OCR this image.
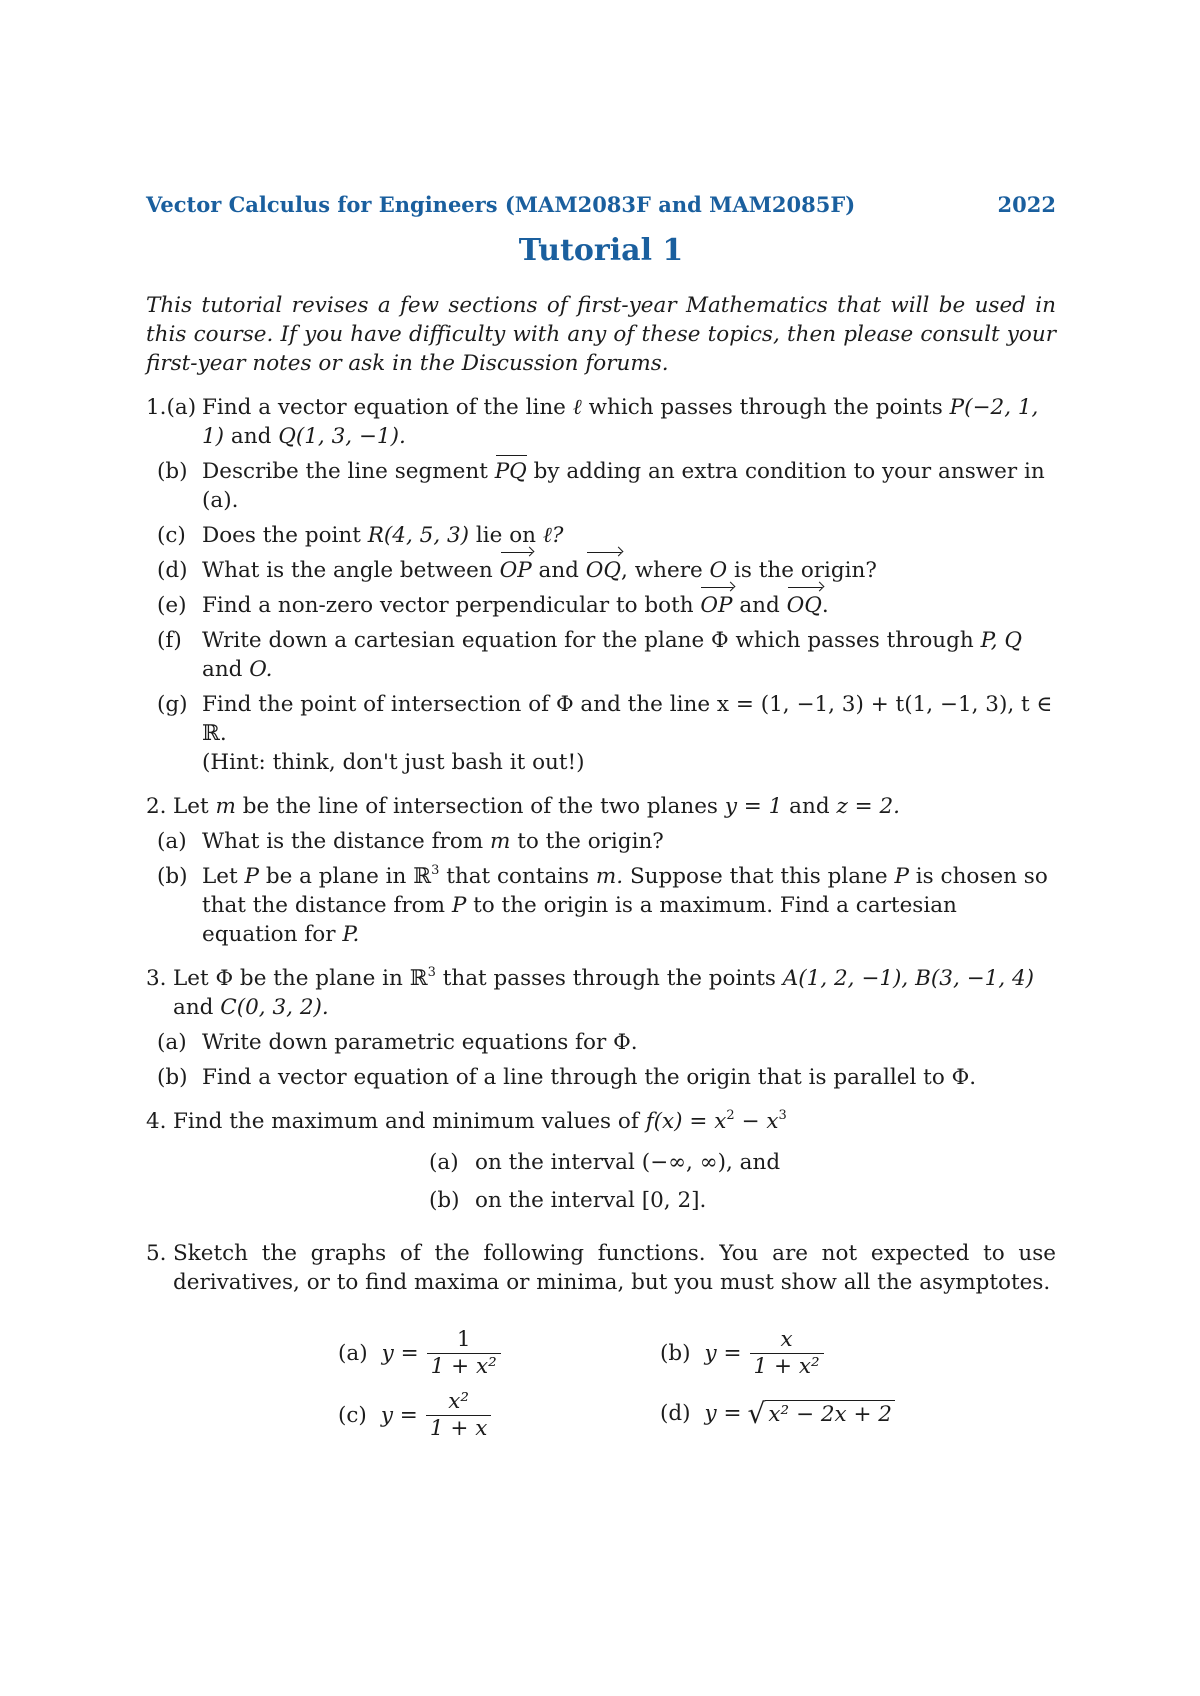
Vector Calculus for Engineers (MAM2083F and MAM2085F)	2022
Tutorial 1
This tutorial revises a few sections of first-year Mathematics that will be used in this course. If you have difficulty with any of these topics, then please consult your first-year notes or ask in the Discussion forums.
1.(a) Find a vector equation of the line ℓ which passes through the points P(−2, 1, 1) and Q(1, 3, −1).
(b) Describe the line segment PQ by adding an extra condition to your answer in (a).
(c) Does the point R(4, 5, 3) lie on ℓ?
(d) What is the angle between OP and OQ, where O is the origin?
(e) Find a non-zero vector perpendicular to both OP and OQ.
(f) Write down a cartesian equation for the plane Φ which passes through P, Q and O.
(g) Find the point of intersection of Φ and the line x = (1, −1, 3) + t(1, −1, 3), t ∈ ℝ.
(Hint: think, don't just bash it out!)
2. Let m be the line of intersection of the two planes y = 1 and z = 2.
(a) What is the distance from m to the origin?
(b) Let P be a plane in ℝ$^3$ that contains m. Suppose that this plane P is chosen so that the distance from P to the origin is a maximum. Find a cartesian equation for P.
3. Let Φ be the plane in ℝ$^3$ that passes through the points A(1, 2, −1), B(3, −1, 4) and C(0, 3, 2).
(a) Write down parametric equations for Φ.
(b) Find a vector equation of a line through the origin that is parallel to Φ.
4. Find the maximum and minimum values of $f(x) = x^2 - x^3$
(a) on the interval (−∞, ∞), and
(b) on the interval [0, 2].
5. Sketch the graphs of the following functions. You are not expected to use derivatives, or to find maxima or minima, but you must show all the asymptotes.
(a) $y = \frac{1}{\text{1 + x²}}$	(b) $y = \frac{x}{\text{1 + x²}}$
(c) $y = \frac{\text{x²}}{1 + x}$	(d) y = √ x² − 2x + 2
